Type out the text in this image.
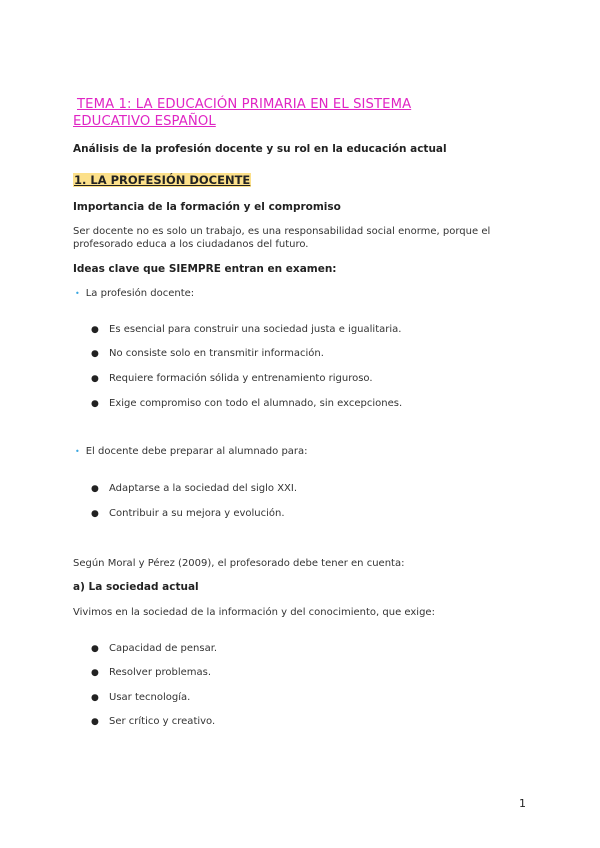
TEMA 1: LA EDUCACIÓN PRIMARIA EN EL SISTEMA
EDUCATIVO ESPAÑOL
Análisis de la profesión docente y su rol en la educación actual
1. LA PROFESIÓN DOCENTE
Importancia de la formación y el compromiso
Ser docente no es solo un trabajo, es una responsabilidad social enorme, porque el profesorado educa a los ciudadanos del futuro.
Ideas clave que SIEMPRE entran en examen:
• La profesión docente:
● Es esencial para construir una sociedad justa e igualitaria.
● No consiste solo en transmitir información.
● Requiere formación sólida y entrenamiento riguroso.
● Exige compromiso con todo el alumnado, sin excepciones.
• El docente debe preparar al alumnado para:
● Adaptarse a la sociedad del siglo XXI.
● Contribuir a su mejora y evolución.
Según Moral y Pérez (2009), el profesorado debe tener en cuenta:
a) La sociedad actual
Vivimos en la sociedad de la información y del conocimiento, que exige:
● Capacidad de pensar.
● Resolver problemas.
● Usar tecnología.
● Ser crítico y creativo.
1
